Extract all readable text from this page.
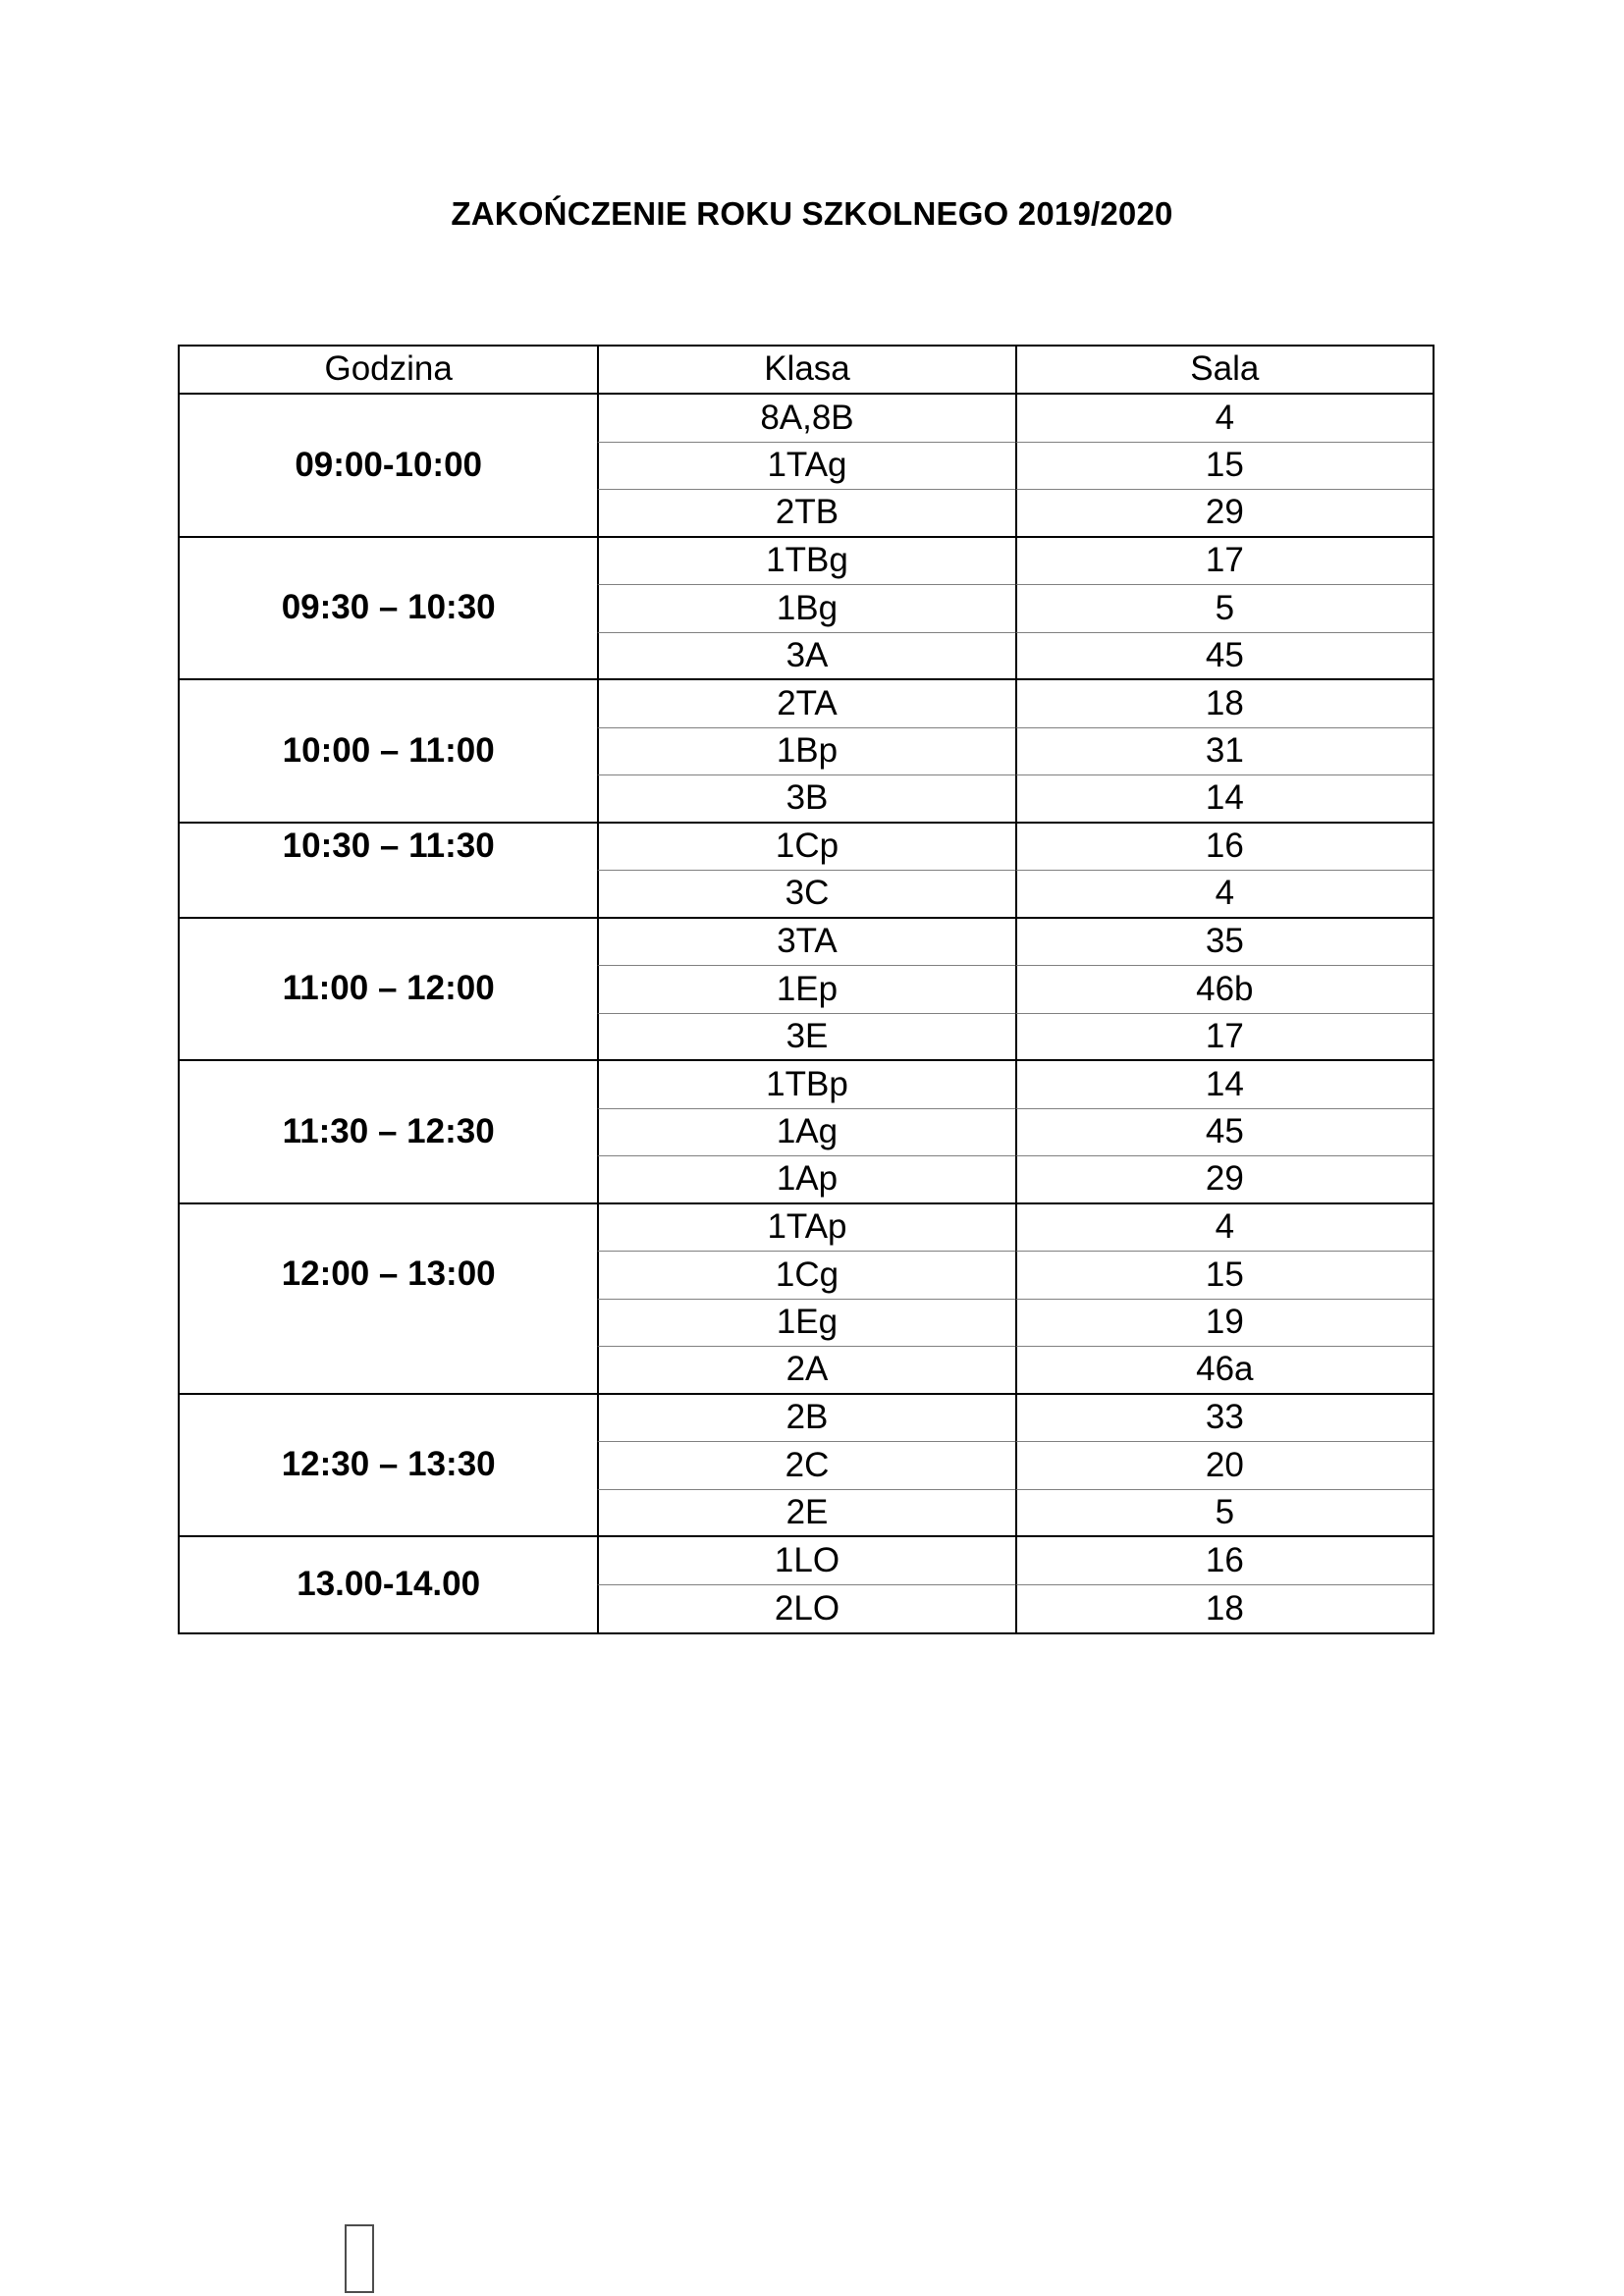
ZAKOŃCZENIE ROKU SZKOLNEGO 2019/2020
Godzina	Klasa	Sala
09:00-10:00
8A,8B	4
1TAg	15
2TB	29
09:30 – 10:30
1TBg	17
1Bg	5
3A	45
10:00 – 11:00
2TA	18
1Bp	31
3B	14
10:30 – 11:30	1Cp	16
3C	4
11:00 – 12:00
3TA	35
1Ep	46b
3E	17
11:30 – 12:30
1TBp	14
1Ag	45
1Ap	29
12:00 – 13:00
1TAp	4
1Cg	15
1Eg	19
2A	46a
12:30 – 13:30
2B	33
2C	20
2E	5
13.00-14.00
1LO	16
2LO	18
